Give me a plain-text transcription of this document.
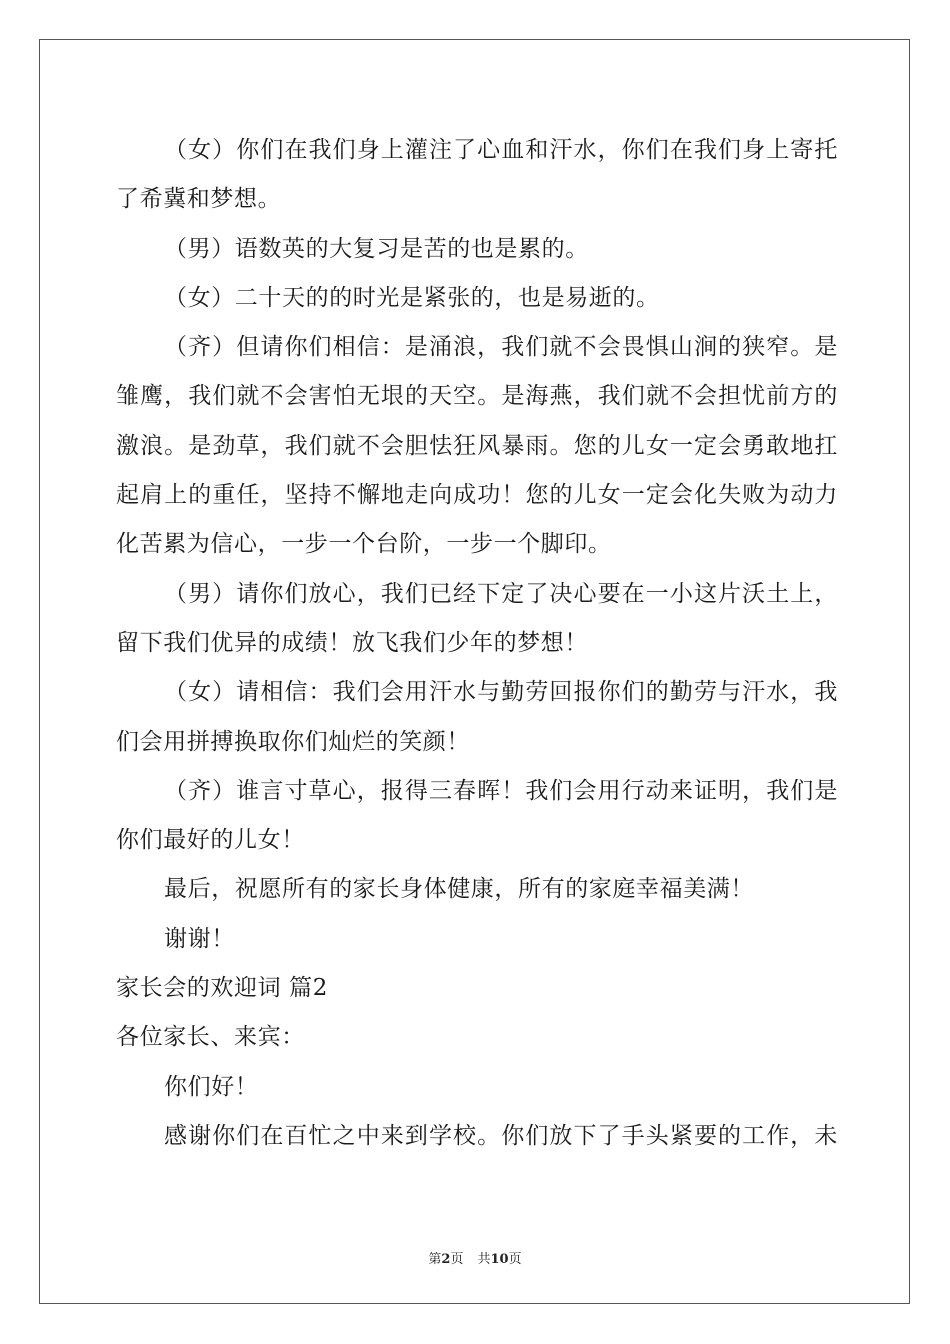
（女）你们在我们身上灌注了心血和汗水，你们在我们身上寄托
了希冀和梦想。
（男）语数英的大复习是苦的也是累的。
（女）二十天的的时光是紧张的，也是易逝的。
（齐）但请你们相信：是涌浪，我们就不会畏惧山涧的狭窄。是
雏鹰，我们就不会害怕无垠的天空。是海燕，我们就不会担忧前方的
激浪。是劲草，我们就不会胆怯狂风暴雨。您的儿女一定会勇敢地扛
起肩上的重任，坚持不懈地走向成功！您的儿女一定会化失败为动力
化苦累为信心，一步一个台阶，一步一个脚印。
（男）请你们放心，我们已经下定了决心要在一小这片沃土上，
留下我们优异的成绩！放飞我们少年的梦想！
（女）请相信：我们会用汗水与勤劳回报你们的勤劳与汗水，我
们会用拼搏换取你们灿烂的笑颜！
（齐）谁言寸草心，报得三春晖！我们会用行动来证明，我们是
你们最好的儿女！
最后，祝愿所有的家长身体健康，所有的家庭幸福美满！
谢谢！
家长会的欢迎词 篇2
各位家长、来宾：
你们好！
感谢你们在百忙之中来到学校。你们放下了手头紧要的工作，未
第2页 共10页
